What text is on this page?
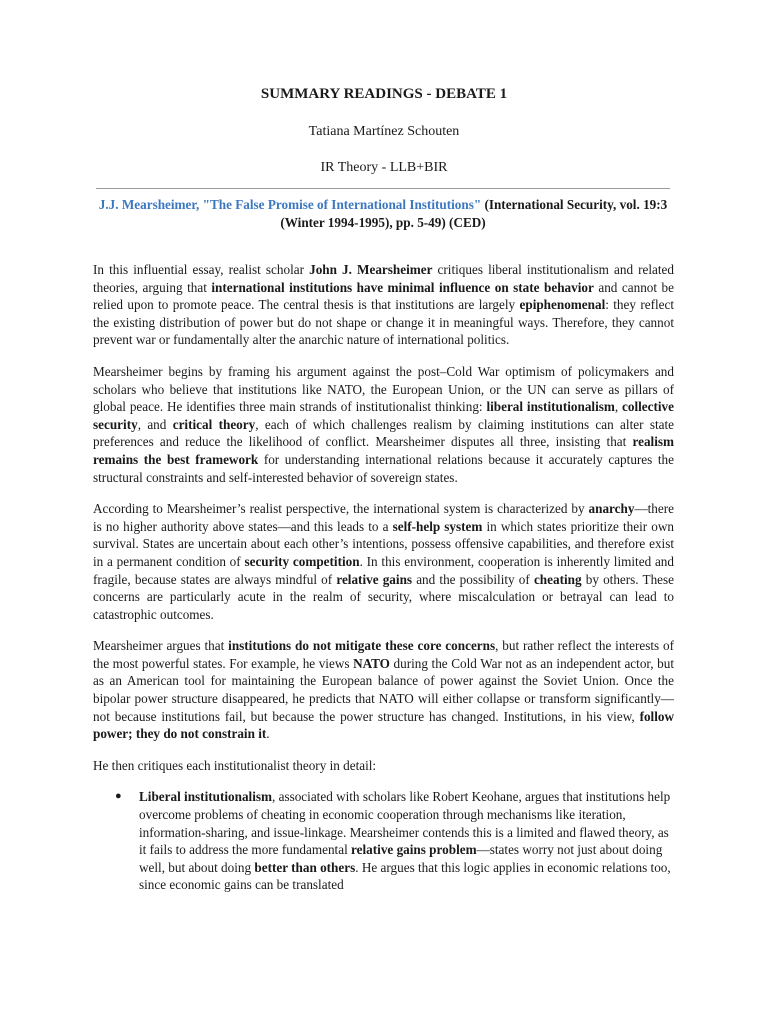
SUMMARY READINGS - DEBATE 1
Tatiana Martínez Schouten
IR Theory - LLB+BIR
J.J. Mearsheimer, "The False Promise of International Institutions" (International Security, vol. 19:3 (Winter 1994-1995), pp. 5-49) (CED)

In this influential essay, realist scholar John J. Mearsheimer critiques liberal institutionalism and related theories, arguing that international institutions have minimal influence on state behavior and cannot be relied upon to promote peace. The central thesis is that institutions are largely epiphenomenal: they reflect the existing distribution of power but do not shape or change it in meaningful ways. Therefore, they cannot prevent war or fundamentally alter the anarchic nature of international politics.

Mearsheimer begins by framing his argument against the post–Cold War optimism of policymakers and scholars who believe that institutions like NATO, the European Union, or the UN can serve as pillars of global peace. He identifies three main strands of institutionalist thinking: liberal institutionalism, collective security, and critical theory, each of which challenges realism by claiming institutions can alter state preferences and reduce the likelihood of conflict. Mearsheimer disputes all three, insisting that realism remains the best framework for understanding international relations because it accurately captures the structural constraints and self-interested behavior of sovereign states.

According to Mearsheimer’s realist perspective, the international system is characterized by anarchy—there is no higher authority above states—and this leads to a self-help system in which states prioritize their own survival. States are uncertain about each other’s intentions, possess offensive capabilities, and therefore exist in a permanent condition of security competition. In this environment, cooperation is inherently limited and fragile, because states are always mindful of relative gains and the possibility of cheating by others. These concerns are particularly acute in the realm of security, where miscalculation or betrayal can lead to catastrophic outcomes.

Mearsheimer argues that institutions do not mitigate these core concerns, but rather reflect the interests of the most powerful states. For example, he views NATO during the Cold War not as an independent actor, but as an American tool for maintaining the European balance of power against the Soviet Union. Once the bipolar power structure disappeared, he predicts that NATO will either collapse or transform significantly—not because institutions fail, but because the power structure has changed. Institutions, in his view, follow power; they do not constrain it.

He then critiques each institutionalist theory in detail:

● Liberal institutionalism, associated with scholars like Robert Keohane, argues that institutions help overcome problems of cheating in economic cooperation through mechanisms like iteration, information-sharing, and issue-linkage. Mearsheimer contends this is a limited and flawed theory, as it fails to address the more fundamental relative gains problem—states worry not just about doing well, but about doing better than others. He argues that this logic applies in economic relations too, since economic gains can be translated
